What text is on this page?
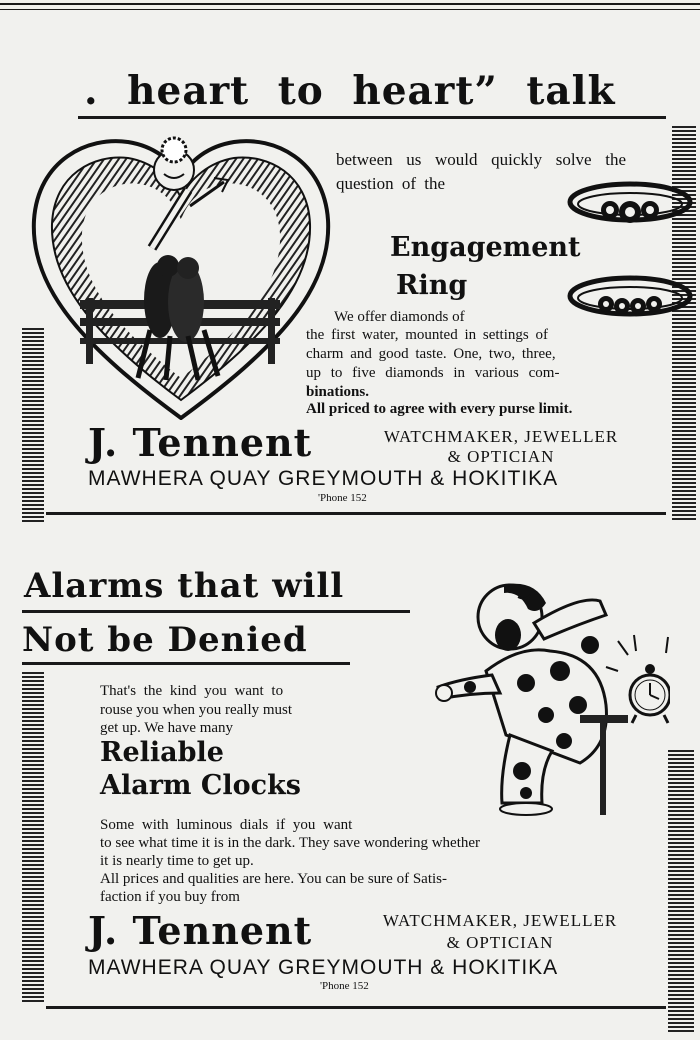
. heart to heart” talk
between us would quickly solve the question of the
Engagement
Ring
We offer diamonds of
the first water, mounted in settings of
charm and good taste. One, two, three,
up to five diamonds in various com-
binations.
All priced to agree with every purse limit.
J. Tennent	WATCHMAKER, JEWELLER
& OPTICIAN
MAWHERA QUAY GREYMOUTH & HOKITIKA
'Phone 152
Alarms that will
Not be Denied
That's the kind you want to
rouse you when you really must
get up. We have many
Reliable
Alarm Clocks
Some with luminous dials if you want
to see what time it is in the dark. They save wondering whether
it is nearly time to get up.
All prices and qualities are here. You can be sure of Satis-
faction if you buy from
J. Tennent	WATCHMAKER, JEWELLER
& OPTICIAN
MAWHERA QUAY GREYMOUTH & HOKITIKA
'Phone 152
